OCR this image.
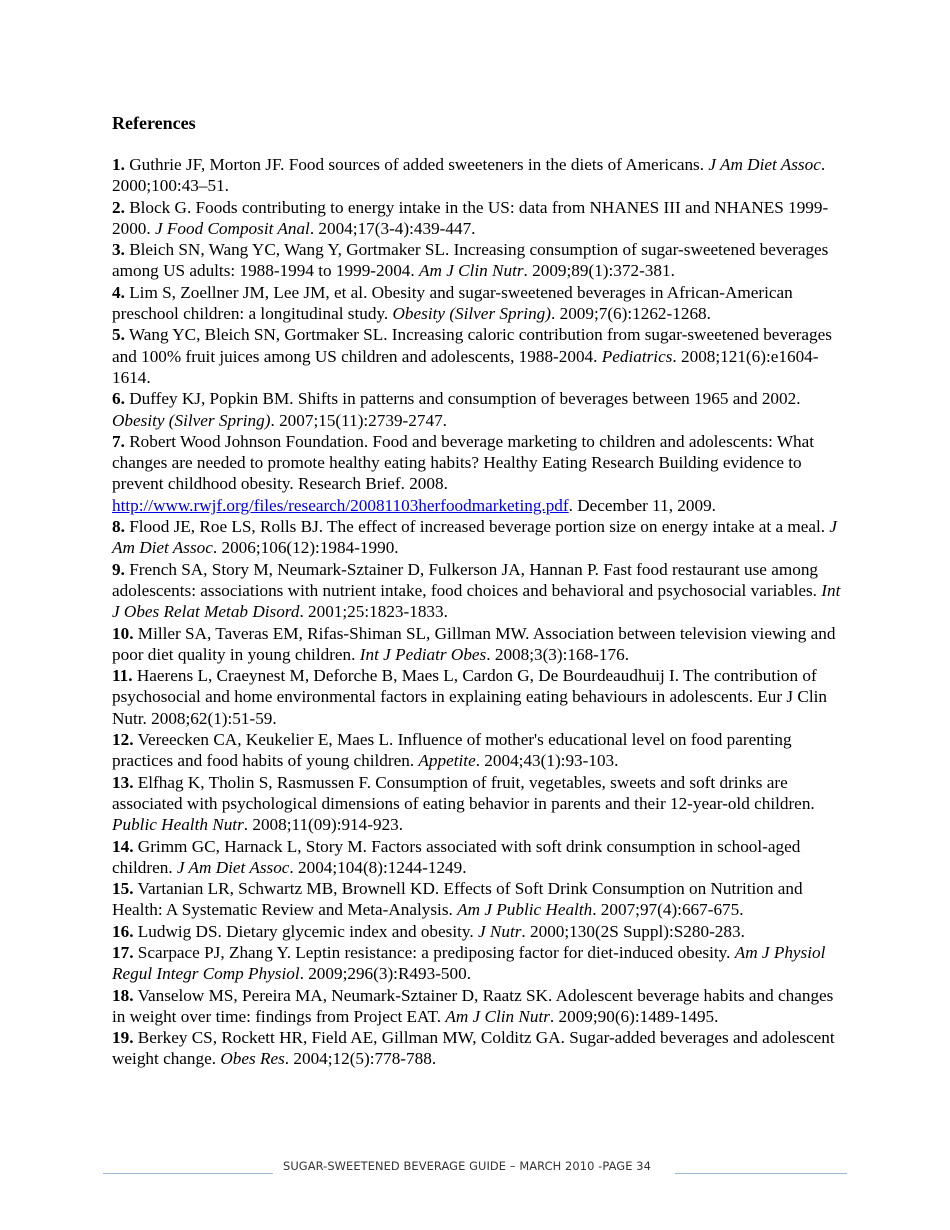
References

1. Guthrie JF, Morton JF. Food sources of added sweeteners in the diets of Americans. J Am Diet Assoc. 2000;100:43–51.

2. Block G. Foods contributing to energy intake in the US: data from NHANES III and NHANES 1999-2000. J Food Composit Anal. 2004;17(3-4):439-447.

3. Bleich SN, Wang YC, Wang Y, Gortmaker SL. Increasing consumption of sugar-sweetened beverages among US adults: 1988-1994 to 1999-2004. Am J Clin Nutr. 2009;89(1):372-381.

4. Lim S, Zoellner JM, Lee JM, et al. Obesity and sugar-sweetened beverages in African-American preschool children: a longitudinal study. Obesity (Silver Spring). 2009;7(6):1262-1268.

5. Wang YC, Bleich SN, Gortmaker SL. Increasing caloric contribution from sugar-sweetened beverages and 100% fruit juices among US children and adolescents, 1988-2004. Pediatrics. 2008;121(6):e1604-1614.

6. Duffey KJ, Popkin BM. Shifts in patterns and consumption of beverages between 1965 and 2002. Obesity (Silver Spring). 2007;15(11):2739-2747.

7. Robert Wood Johnson Foundation. Food and beverage marketing to children and adolescents: What changes are needed to promote healthy eating habits? Healthy Eating Research Building evidence to prevent childhood obesity. Research Brief. 2008. http://www.rwjf.org/files/research/20081103herfoodmarketing.pdf. December 11, 2009.

8. Flood JE, Roe LS, Rolls BJ. The effect of increased beverage portion size on energy intake at a meal. J Am Diet Assoc. 2006;106(12):1984-1990.

9. French SA, Story M, Neumark-Sztainer D, Fulkerson JA, Hannan P. Fast food restaurant use among adolescents: associations with nutrient intake, food choices and behavioral and psychosocial variables. Int J Obes Relat Metab Disord. 2001;25:1823-1833.

10. Miller SA, Taveras EM, Rifas-Shiman SL, Gillman MW. Association between television viewing and poor diet quality in young children. Int J Pediatr Obes. 2008;3(3):168-176.

11. Haerens L, Craeynest M, Deforche B, Maes L, Cardon G, De Bourdeaudhuij I. The contribution of psychosocial and home environmental factors in explaining eating behaviours in adolescents. Eur J Clin Nutr. 2008;62(1):51-59.

12. Vereecken CA, Keukelier E, Maes L. Influence of mother's educational level on food parenting practices and food habits of young children. Appetite. 2004;43(1):93-103.

13. Elfhag K, Tholin S, Rasmussen F. Consumption of fruit, vegetables, sweets and soft drinks are associated with psychological dimensions of eating behavior in parents and their 12-year-old children. Public Health Nutr. 2008;11(09):914-923.

14. Grimm GC, Harnack L, Story M. Factors associated with soft drink consumption in school-aged children. J Am Diet Assoc. 2004;104(8):1244-1249.

15. Vartanian LR, Schwartz MB, Brownell KD. Effects of Soft Drink Consumption on Nutrition and Health: A Systematic Review and Meta-Analysis. Am J Public Health. 2007;97(4):667-675.

16. Ludwig DS. Dietary glycemic index and obesity. J Nutr. 2000;130(2S Suppl):S280-283.

17. Scarpace PJ, Zhang Y. Leptin resistance: a prediposing factor for diet-induced obesity. Am J Physiol Regul Integr Comp Physiol. 2009;296(3):R493-500.

18. Vanselow MS, Pereira MA, Neumark-Sztainer D, Raatz SK. Adolescent beverage habits and changes in weight over time: findings from Project EAT. Am J Clin Nutr. 2009;90(6):1489-1495.

19. Berkey CS, Rockett HR, Field AE, Gillman MW, Colditz GA. Sugar-added beverages and adolescent weight change. Obes Res. 2004;12(5):778-788.

SUGAR-SWEETENED BEVERAGE GUIDE – MARCH 2010 -PAGE 34
